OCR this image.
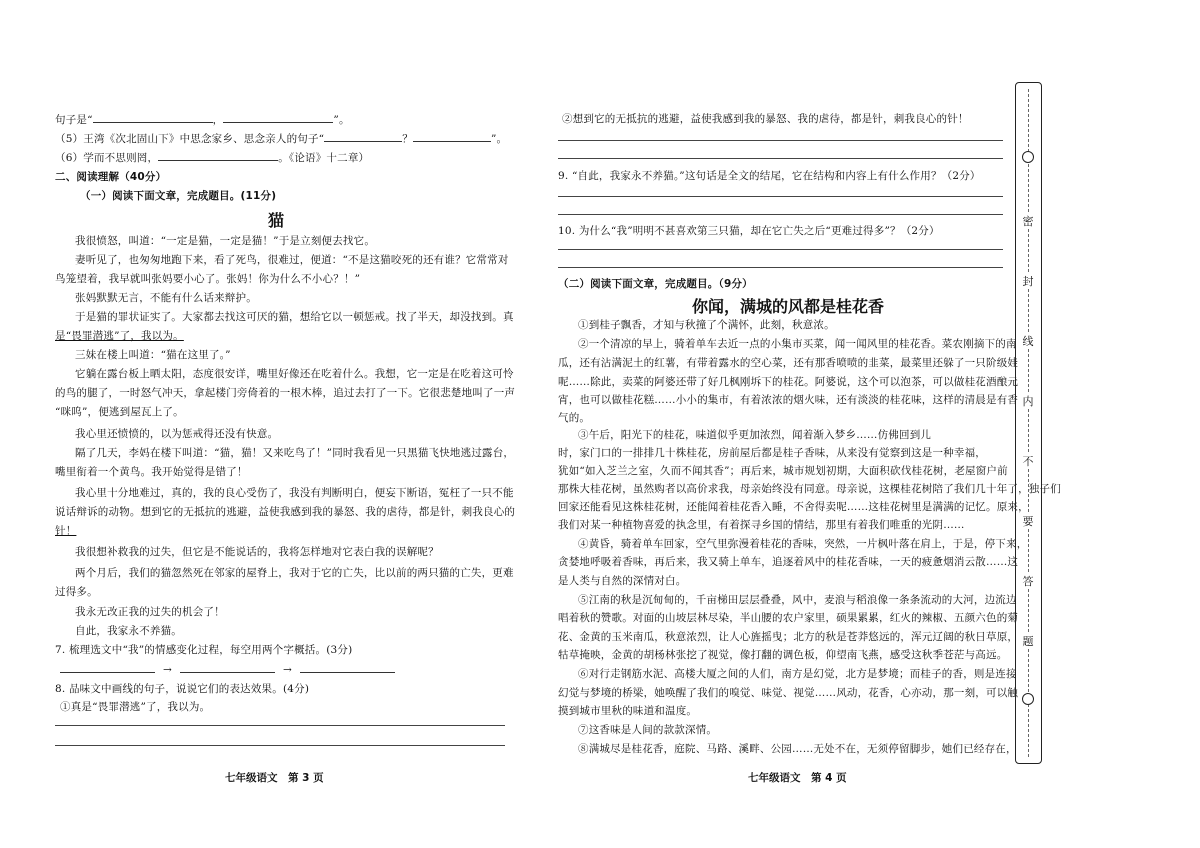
句子是“	，	”。
（5）王湾《次北固山下》中思念家乡、思念亲人的句子“	？	”。
（6）学而不思则罔，	。《论语》十二章）
二、阅读理解（40分）
（一）阅读下面文章，完成题目。(11分)
猫
我很愤怒，叫道：“一定是猫，一定是猫！”于是立刻便去找它。
妻听见了，也匆匆地跑下来，看了死鸟，很难过，便道：“不是这猫咬死的还有谁？它常常对
鸟笼望着，我早就叫张妈要小心了。张妈！你为什么不小心？！”
张妈默默无言，不能有什么话来辩护。
于是猫的罪状证实了。大家都去找这可厌的猫，想给它以一顿惩戒。找了半天，却没找到。真
是“畏罪潜逃”了，我以为。
三妹在楼上叫道：“猫在这里了。”
它躺在露台板上晒太阳，态度很安详，嘴里好像还在吃着什么。我想，它一定是在吃着这可怜
的鸟的腿了，一时怒气冲天，拿起楼门旁倚着的一根木棒，追过去打了一下。它很悲楚地叫了一声
“咪呜”，便逃到屋瓦上了。
我心里还愤愤的，以为惩戒得还没有快意。
隔了几天，李妈在楼下叫道：“猫，猫！又来吃鸟了！”同时我看见一只黑猫飞快地逃过露台，
嘴里衔着一个黄鸟。我开始觉得是错了！
我心里十分地难过，真的，我的良心受伤了，我没有判断明白，便妄下断语，冤枉了一只不能
说话辩诉的动物。想到它的无抵抗的逃避，益使我感到我的暴怒、我的虐待，都是针，刺我良心的
针！
我很想补救我的过失，但它是不能说话的，我将怎样地对它表白我的误解呢？
两个月后，我们的猫忽然死在邻家的屋脊上，我对于它的亡失，比以前的两只猫的亡失，更难
过得多。
我永无改正我的过失的机会了！
自此，我家永不养猫。
7. 梳理选文中“我”的情感变化过程，每空用两个字概括。(3分)
→	→
8. 品味文中画线的句子，说说它们的表达效果。(4分)
①真是“畏罪潜逃”了，我以为。
七年级语文　第 3 页
②想到它的无抵抗的逃避，益使我感到我的暴怒、我的虐待，都是针，刺我良心的针！
9. “自此，我家永不养猫。”这句话是全文的结尾，它在结构和内容上有什么作用？（2分）
10. 为什么“我”明明不甚喜欢第三只猫，却在它亡失之后“更难过得多”？（2分）
（二）阅读下面文章，完成题目。（9分）
你闻，满城的风都是桂花香
①到桂子飘香，才知与秋撞了个满怀，此刻，秋意浓。
②一个清凉的早上，骑着单车去近一点的小集市买菜，闻一闻风里的桂花香。菜农刚摘下的南
瓜，还有沾满泥土的红薯，有带着露水的空心菜，还有那香喷喷的韭菜，最菜里还躲了一只阶级娃
呢……除此，卖菜的阿婆还带了好几枫刚坼下的桂花。阿婆说，这个可以泡茶，可以做桂花酒酿元
宵，也可以做桂花糕……小小的集市，有着浓浓的烟火味，还有淡淡的桂花味，这样的清晨是有香
气的。
③午后，阳光下的桂花，味道似乎更加浓烈，闻着渐入梦乡……仿佛回到儿
时，家门口的一排排几十株桂花，房前屋后都是桂子香味，从来没有觉察到这是一种幸福，
犹如“如入芝兰之室，久而不闻其香”；再后来，城市规划初期，大面积砍伐桂花树，老屋窗户前
那株大桂花树，虽然购者以高价求我，母亲始终没有同意。母亲说，这棵桂花树陪了我们几十年了，独子们
回家还能看见这株桂花树，还能闻着桂花香入睡，不舍得卖呢……这桂花树里是满满的记忆。原来，
我们对某一种植物喜爱的执念里，有着探寻乡国的情结，那里有着我们唯重的光阴……
④黄昏，骑着单车回家，空气里弥漫着桂花的香味，突然，一片枫叶落在肩上，于是，停下来，
贪婪地呼吸着香味，再后来，我又骑上单车，追逐着风中的桂花香味，一天的疲惫烟消云散……这
是人类与自然的深情对白。
⑤江南的秋是沉甸甸的，千亩梯田层层叠叠，风中，麦浪与稻浪像一条条流动的大河，边流边
唱着秋的赞歌。对面的山坡层林尽染，半山腰的农户家里，硕果累累，红火的辣椒、五颜六色的菊
花、金黄的玉米南瓜，秋意浓烈，让人心旌摇曳；北方的秋是苍莽悠远的，浑元辽阔的秋日草原，
牯草掩映，金黄的胡杨林张挖了视觉，像打翻的调色板，仰望南飞燕，感受这秋季苍茫与高远。
⑥对行走钢筋水泥、高楼大厦之间的人们，南方是幻觉，北方是梦境；而桂子的香，则是连接
幻觉与梦境的桥梁，她唤醒了我们的嗅觉、味觉、视觉……风动，花香，心亦动，那一刻，可以触
摸到城市里秋的味道和温度。
⑦这香味是人间的款款深情。
⑧满城尽是桂花香，庭院、马路、溪畔、公园……无处不在，无须停留脚步，她们已经存在，
七年级语文　第 4 页
密
封
线
内
不
要
答
题
